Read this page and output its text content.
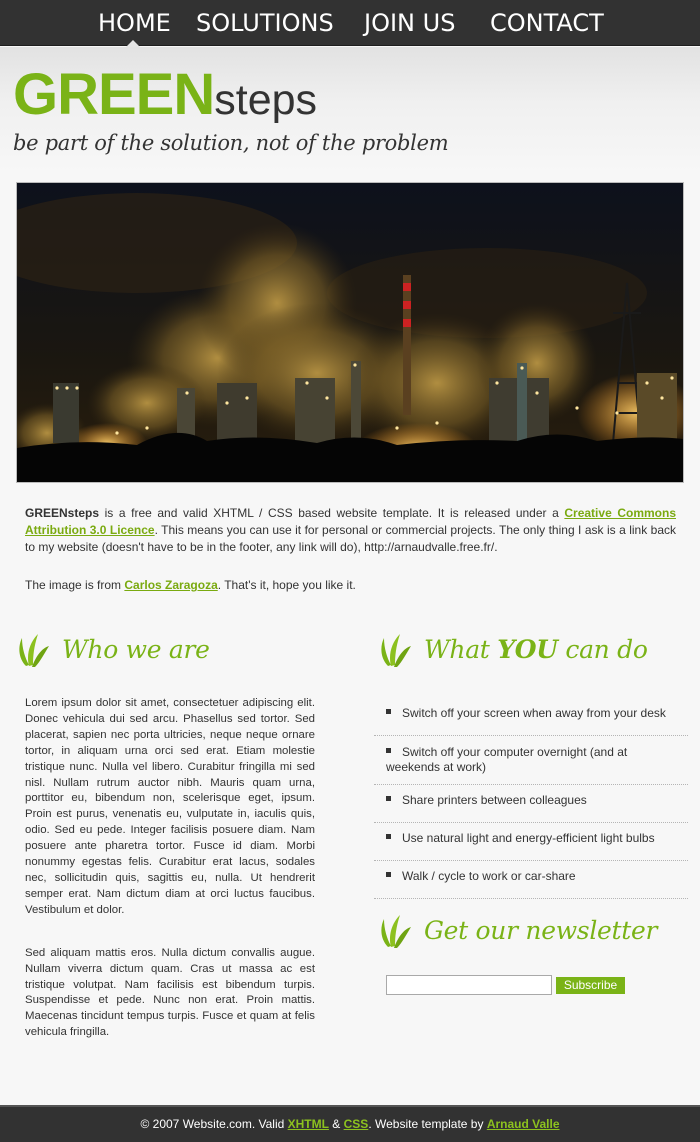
HOME SOLUTIONS JOIN US CONTACT
GREENsteps
be part of the solution, not of the problem

GREENsteps is a free and valid XHTML / CSS based website template. It is released under a Creative Commons Attribution 3.0 Licence. This means you can use it for personal or commercial projects. The only thing I ask is a link back to my website (doesn't have to be in the footer, any link will do), http://arnaudvalle.free.fr/.

The image is from Carlos Zaragoza. That's it, hope you like it.

Who we are	What YOU can do

Lorem ipsum dolor sit amet, consectetuer adipiscing elit. Donec vehicula dui sed arcu. Phasellus sed tortor. Sed placerat, sapien nec porta ultricies, neque neque ornare tortor, in aliquam urna orci sed erat. Etiam molestie tristique nunc. Nulla vel libero. Curabitur fringilla mi sed nisl. Nullam rutrum auctor nibh. Mauris quam urna, porttitor eu, bibendum non, scelerisque eget, ipsum. Proin est purus, venenatis eu, vulputate in, iaculis quis, odio. Sed eu pede. Integer facilisis posuere diam. Nam posuere ante pharetra tortor. Fusce id diam. Morbi nonummy egestas felis. Curabitur erat lacus, sodales nec, sollicitudin quis, sagittis eu, nulla. Ut hendrerit semper erat. Nam dictum diam at orci luctus faucibus. Vestibulum et dolor.

Sed aliquam mattis eros. Nulla dictum convallis augue. Nullam viverra dictum quam. Cras ut massa ac est tristique volutpat. Nam facilisis est bibendum turpis. Suspendisse et pede. Nunc non erat. Proin mattis. Maecenas tincidunt tempus turpis. Fusce et quam at felis vehicula fringilla.

Switch off your screen when away from your desk
Switch off your computer overnight (and at weekends at work)
Share printers between colleagues
Use natural light and energy-efficient light bulbs
Walk / cycle to work or car-share
Get our newsletter
Subscribe
© 2007 Website.com. Valid XHTML & CSS. Website template by Arnaud Valle
